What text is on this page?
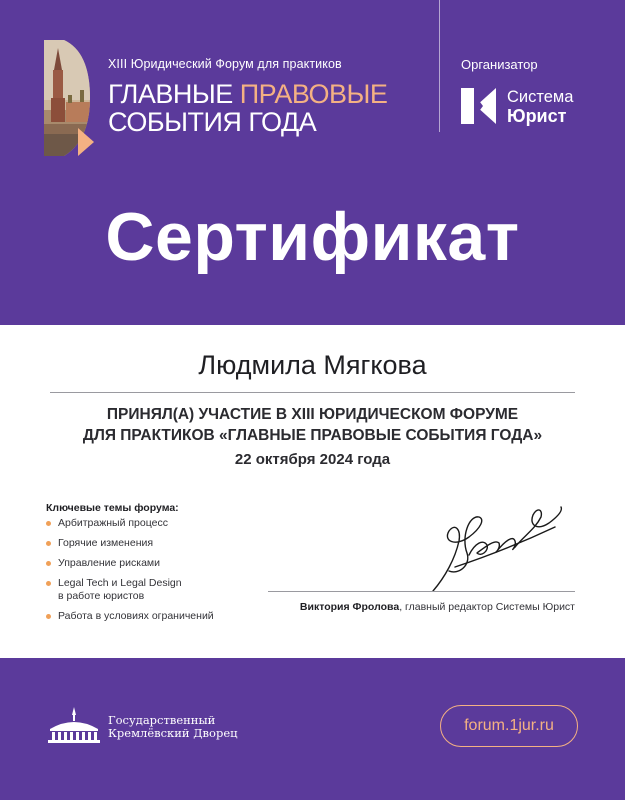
XIII Юридический Форум для практиков
ГЛАВНЫЕ ПРАВОВЫЕ
СОБЫТИЯ ГОДА
Организатор
Система
Юрист
Сертификат
Людмила Мягкова
ПРИНЯЛ(А) УЧАСТИЕ В XIII ЮРИДИЧЕСКОМ ФОРУМЕ
ДЛЯ ПРАКТИКОВ «ГЛАВНЫЕ ПРАВОВЫЕ СОБЫТИЯ ГОДА»
22 октября 2024 года
Ключевые темы форума:
Арбитражный процесс
Горячие изменения
Управление рисками
Legal Tech и Legal Design
в работе юристов
Работа в условиях ограничений
Виктория Фролова, главный редактор Системы Юрист
Государственный
Кремлёвский Дворец	forum.1jur.ru
